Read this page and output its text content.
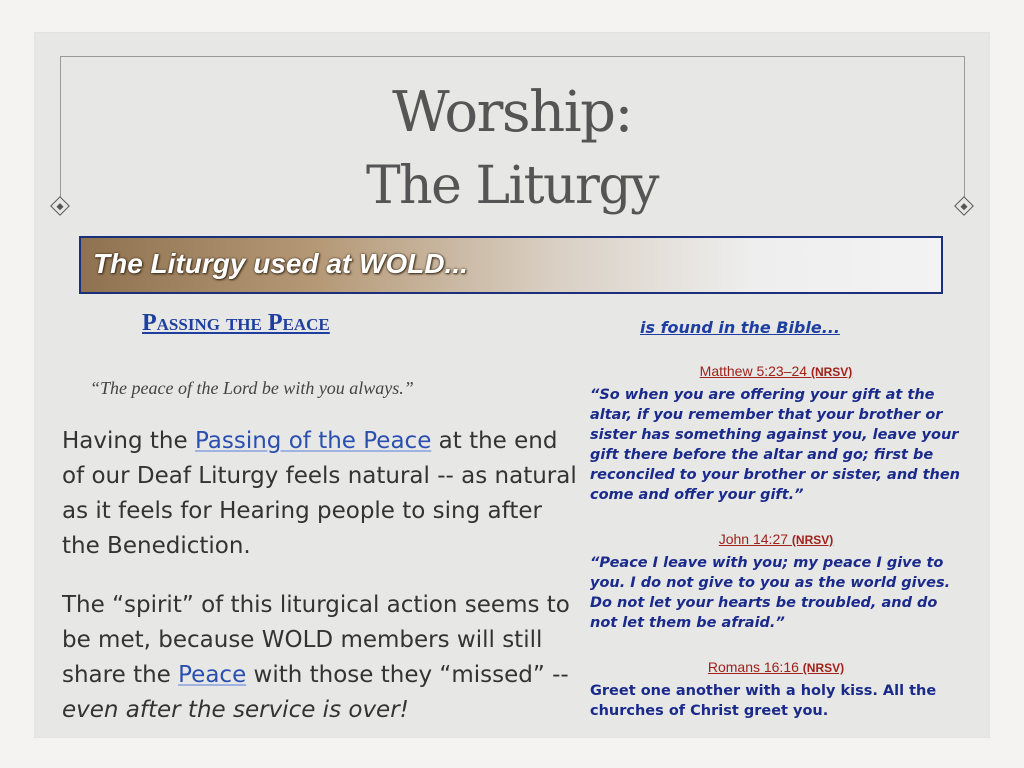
Worship:
The Liturgy
The Liturgy used at WOLD...
Passing the Peace
“The peace of the Lord be with you always.”
Having the Passing of the Peace at the end of our Deaf Liturgy feels natural -- as natural as it feels for Hearing people to sing after the Benediction.
The “spirit” of this liturgical action seems to be met, because WOLD members will still share the Peace with those they “missed” -- even after the service is over!
is found in the Bible...
Matthew 5:23–24 (NRSV)
“So when you are offering your gift at the altar, if you remember that your brother or sister has something against you, leave your gift there before the altar and go; first be reconciled to your brother or sister, and then come and offer your gift.”
John 14:27 (NRSV)
“Peace I leave with you; my peace I give to you. I do not give to you as the world gives. Do not let your hearts be troubled, and do not let them be afraid.”
Romans 16:16 (NRSV)
Greet one another with a holy kiss. All the churches of Christ greet you.
